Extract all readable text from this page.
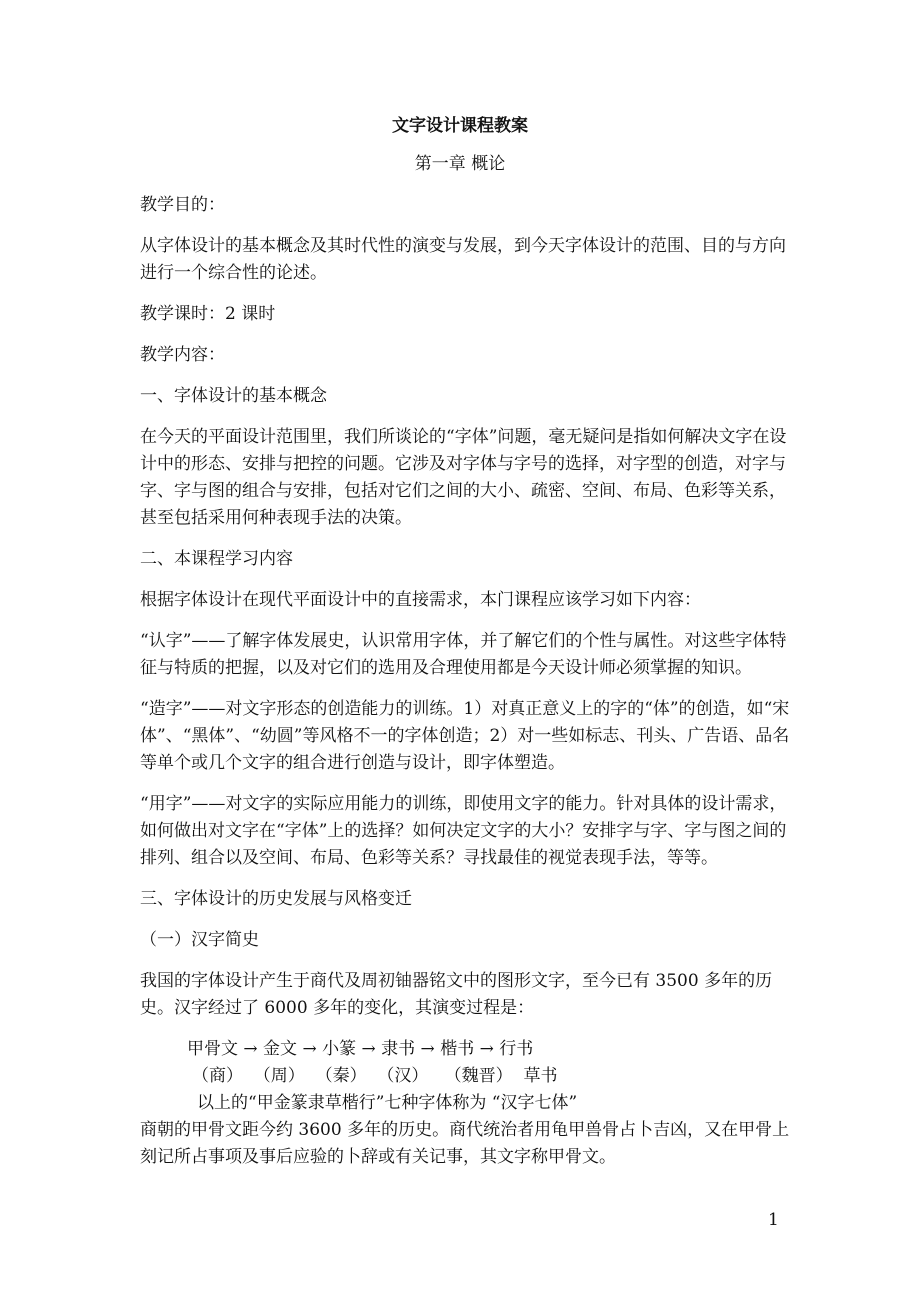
文字设计课程教案
第一章 概论

教学目的：

从字体设计的基本概念及其时代性的演变与发展，到今天字体设计的范围、目的与方向进行一个综合性的论述。

教学课时：2 课时

教学内容：

一、字体设计的基本概念

在今天的平面设计范围里，我们所谈论的“字体”问题，毫无疑问是指如何解决文字在设计中的形态、安排与把控的问题。它涉及对字体与字号的选择，对字型的创造，对字与字、字与图的组合与安排，包括对它们之间的大小、疏密、空间、布局、色彩等关系，甚至包括采用何种表现手法的决策。

二、本课程学习内容

根据字体设计在现代平面设计中的直接需求，本门课程应该学习如下内容：

“认字”——了解字体发展史，认识常用字体，并了解它们的个性与属性。对这些字体特征与特质的把握，以及对它们的选用及合理使用都是今天设计师必须掌握的知识。

“造字”——对文字形态的创造能力的训练。1）对真正意义上的字的“体”的创造，如“宋体”、“黑体”、“幼圆”等风格不一的字体创造；2）对一些如标志、刊头、广告语、品名等单个或几个文字的组合进行创造与设计，即字体塑造。

“用字”——对文字的实际应用能力的训练，即使用文字的能力。针对具体的设计需求，如何做出对文字在“字体”上的选择？如何决定文字的大小？安排字与字、字与图之间的排列、组合以及空间、布局、色彩等关系？寻找最佳的视觉表现手法，等等。

三、字体设计的历史发展与风格变迁

（一）汉字简史

我国的字体设计产生于商代及周初铀器铭文中的图形文字，至今已有 3500 多年的历史。汉字经过了 6000 多年的变化，其演变过程是：

甲骨文 → 金文 → 小篆 → 隶书 → 楷书 → 行书
（商）  （周）  （秦）  （汉）   （魏晋）  草书
以上的“甲金篆隶草楷行”七种字体称为 “汉字七体”

商朝的甲骨文距今约 3600 多年的历史。商代统治者用龟甲兽骨占卜吉凶，又在甲骨上刻记所占事项及事后应验的卜辞或有关记事，其文字称甲骨文。

1
